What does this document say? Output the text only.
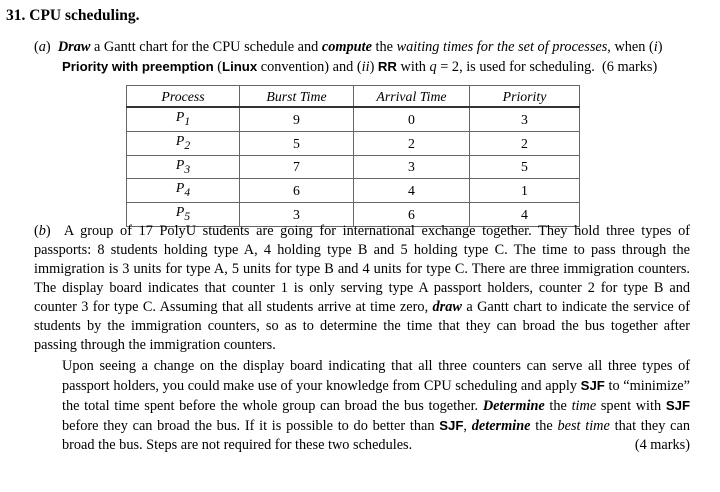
31. CPU scheduling.
(a)  Draw a Gantt chart for the CPU schedule and compute the waiting times for the set of processes, when (i)
Priority with preemption (Linux convention) and (ii) RR with q = 2, is used for scheduling. (6 marks)
Process	Burst Time	Arrival Time	Priority
$P_1$	9	0	3
$P_2$	5	2	2
$P_3$	7	3	5
$P_4$	6	4	1
$P_5$	3	6	4

(b)  A group of 17 PolyU students are going for international exchange together. They hold three types of passports: 8 students holding type A, 4 holding type B and 5 holding type C. The time to pass through the immigration is 3 units for type A, 5 units for type B and 4 units for type C. There are three immigration counters. The display board indicates that counter 1 is only serving type A passport holders, counter 2 for type B and counter 3 for type C. Assuming that all students arrive at time zero, draw a Gantt chart to indicate the service of students by the immigration counters, so as to determine the time that they can broad the bus together after passing through the immigration counters.

Upon seeing a change on the display board indicating that all three counters can serve all three types of passport holders, you could make use of your knowledge from CPU scheduling and apply SJF to “minimize” the total time spent before the whole group can broad the bus together. Determine the time spent with SJF before they can broad the bus. If it is possible to do better than SJF, determine the best time that they can broad the bus. Steps are not required for these two schedules.	(4 marks)
